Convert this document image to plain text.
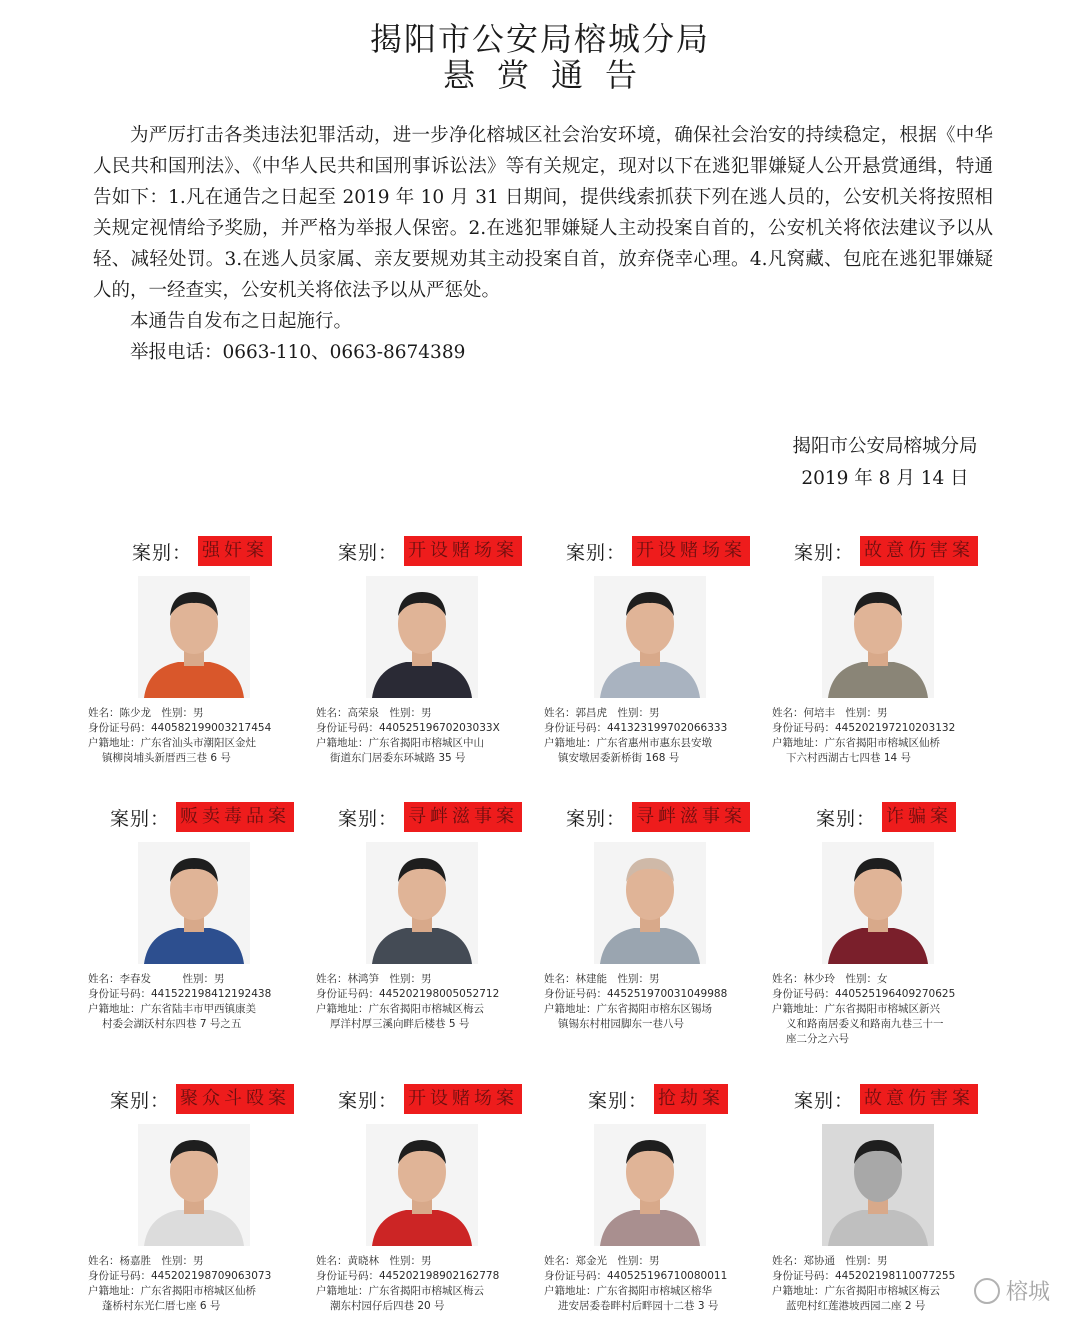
揭阳市公安局榕城分局
悬赏通告

为严厉打击各类违法犯罪活动，进一步净化榕城区社会治安环境，确保社会治安的持续稳定，根据《中华人民共和国刑法》、《中华人民共和国刑事诉讼法》等有关规定，现对以下在逃犯罪嫌疑人公开悬赏通缉，特通告如下：1.凡在通告之日起至 2019 年 10 月 31 日期间，提供线索抓获下列在逃人员的，公安机关将按照相关规定视情给予奖励，并严格为举报人保密。2.在逃犯罪嫌疑人主动投案自首的，公安机关将依法建议予以从轻、减轻处罚。3.在逃人员家属、亲友要规劝其主动投案自首，放弃侥幸心理。4.凡窝藏、包庇在逃犯罪嫌疑人的，一经查实，公安机关将依法予以从严惩处。

本通告自发布之日起施行。

举报电话：0663-110、0663-8674389

揭阳市公安局榕城分局
2019 年 8 月 14 日
案别： 强奸案
姓名：陈少龙　性别：男
身份证号码：440582199003217454
户籍地址：广东省汕头市潮阳区金灶
镇柳岗埔头新厝西三巷 6 号
案别： 开设赌场案
姓名：高荣泉　性别：男
身份证号码：44052519670203033X
户籍地址：广东省揭阳市榕城区中山
街道东门居委东环城路 35 号
案别： 开设赌场案
姓名：郭昌虎　性别：男
身份证号码：441323199702066333
户籍地址：广东省惠州市惠东县安墩
镇安墩居委新桥街 168 号
案别： 故意伤害案
姓名：何培丰　性别：男
身份证号码：445202197210203132
户籍地址：广东省揭阳市榕城区仙桥
下六村西湖古七四巷 14 号
案别： 贩卖毒品案
姓名：李春发　　　性别：男
身份证号码：441522198412192438
户籍地址：广东省陆丰市甲西镇康美
村委会湖沃村东四巷 7 号之五
案别： 寻衅滋事案
姓名：林鸿笋　性别：男
身份证号码：445202198005052712
户籍地址：广东省揭阳市榕城区梅云
厚洋村厚三溪向畔后楼巷 5 号
案别： 寻衅滋事案
姓名：林建能　性别：男
身份证号码：445251970031049988
户籍地址：广东省揭阳市榕东区锡场
镇锡东村柑园脚东一巷八号
案别： 诈骗案
姓名：林少玲　性别：女
身份证号码：440525196409270625
户籍地址：广东省揭阳市榕城区新兴
义和路南居委义和路南九巷三十一
座二分之六号
案别： 聚众斗殴案
姓名：杨嘉胜　性别：男
身份证号码：445202198709063073
户籍地址：广东省揭阳市榕城区仙桥
蓬桥村东光仁厝七座 6 号
案别： 开设赌场案
姓名：黄晓林　性别：男
身份证号码：445202198902162778
户籍地址：广东省揭阳市榕城区梅云
潮东村园仔后四巷 20 号
案别： 抢劫案
姓名：郑金光　性别：男
身份证号码：440525196710080011
户籍地址：广东省揭阳市榕城区榕华
进安居委卷畔村后畔园十二巷 3 号
案别： 故意伤害案
姓名：郑协通　性别：男
身份证号码：445202198110077255
户籍地址：广东省揭阳市榕城区梅云
蓝兜村红莲港坡西园二座 2 号
榕城
